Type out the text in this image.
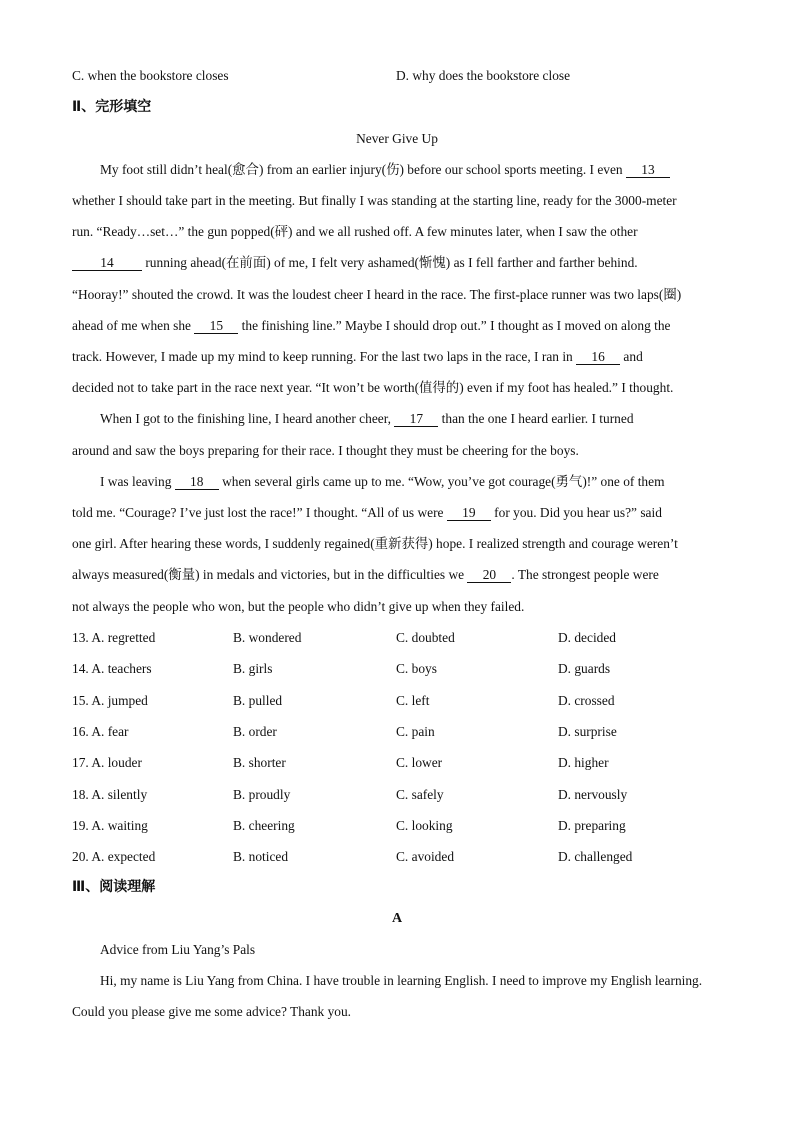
C. when the bookstore closes	D. why does the bookstore close
Ⅱ、完形填空
Never Give Up
My foot still didn’t heal(愈合) from an earlier injury(伤) before our school sports meeting. I even 13
whether I should take part in the meeting. But finally I was standing at the starting line, ready for the 3000-meter
run. “Ready…set…” the gun popped(砰) and we all rushed off. A few minutes later, when I saw the other
14 running ahead(在前面) of me, I felt very ashamed(惭愧) as I fell farther and farther behind.
“Hooray!” shouted the crowd. It was the loudest cheer I heard in the race. The first-place runner was two laps(圈)
ahead of me when she 15 the finishing line.” Maybe I should drop out.” I thought as I moved on along the
track. However, I made up my mind to keep running. For the last two laps in the race, I ran in 16 and
decided not to take part in the race next year. “It won’t be worth(值得的) even if my foot has healed.” I thought.
When I got to the finishing line, I heard another cheer, 17 than the one I heard earlier. I turned
around and saw the boys preparing for their race. I thought they must be cheering for the boys.
I was leaving 18 when several girls came up to me. “Wow, you’ve got courage(勇气)!” one of them
told me. “Courage? I’ve just lost the race!” I thought. “All of us were 19 for you. Did you hear us?” said
one girl. After hearing these words, I suddenly regained(重新获得) hope. I realized strength and courage weren’t
always measured(衡量) in medals and victories, but in the difficulties we 20 . The strongest people were
not always the people who won, but the people who didn’t give up when they failed.
13. A. regretted	B. wondered	C. doubted	D. decided
14. A. teachers	B. girls	C. boys	D. guards
15. A. jumped	B. pulled	C. left	D. crossed
16. A. fear	B. order	C. pain	D. surprise
17. A. louder	B. shorter	C. lower	D. higher
18. A. silently	B. proudly	C. safely	D. nervously
19. A. waiting	B. cheering	C. looking	D. preparing
20. A. expected	B. noticed	C. avoided	D. challenged
Ⅲ、阅读理解
A
Advice from Liu Yang’s Pals
Hi, my name is Liu Yang from China. I have trouble in learning English. I need to improve my English learning.
Could you please give me some advice? Thank you.
